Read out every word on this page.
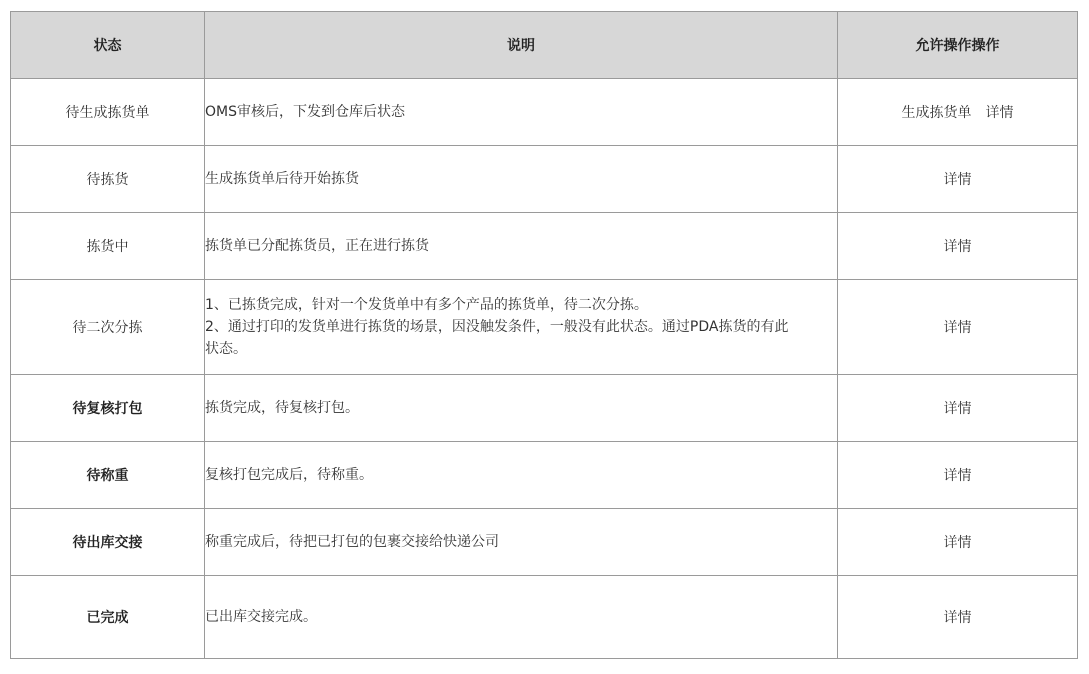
状态	说明	允许操作操作
待生成拣货单	OMS审核后，下发到仓库后状态	生成拣货单 详情
待拣货	生成拣货单后待开始拣货	详情
拣货中	拣货单已分配拣货员，正在进行拣货	详情
待二次分拣	1、已拣货完成，针对一个发货单中有多个产品的拣货单，待二次分拣。
2、通过打印的发货单进行拣货的场景，因没触发条件，一般没有此状态。通过PDA拣货的有此
状态。	详情
待复核打包	拣货完成，待复核打包。	详情
待称重	复核打包完成后，待称重。	详情
待出库交接	称重完成后，待把已打包的包裹交接给快递公司	详情
已完成	已出库交接完成。	详情
